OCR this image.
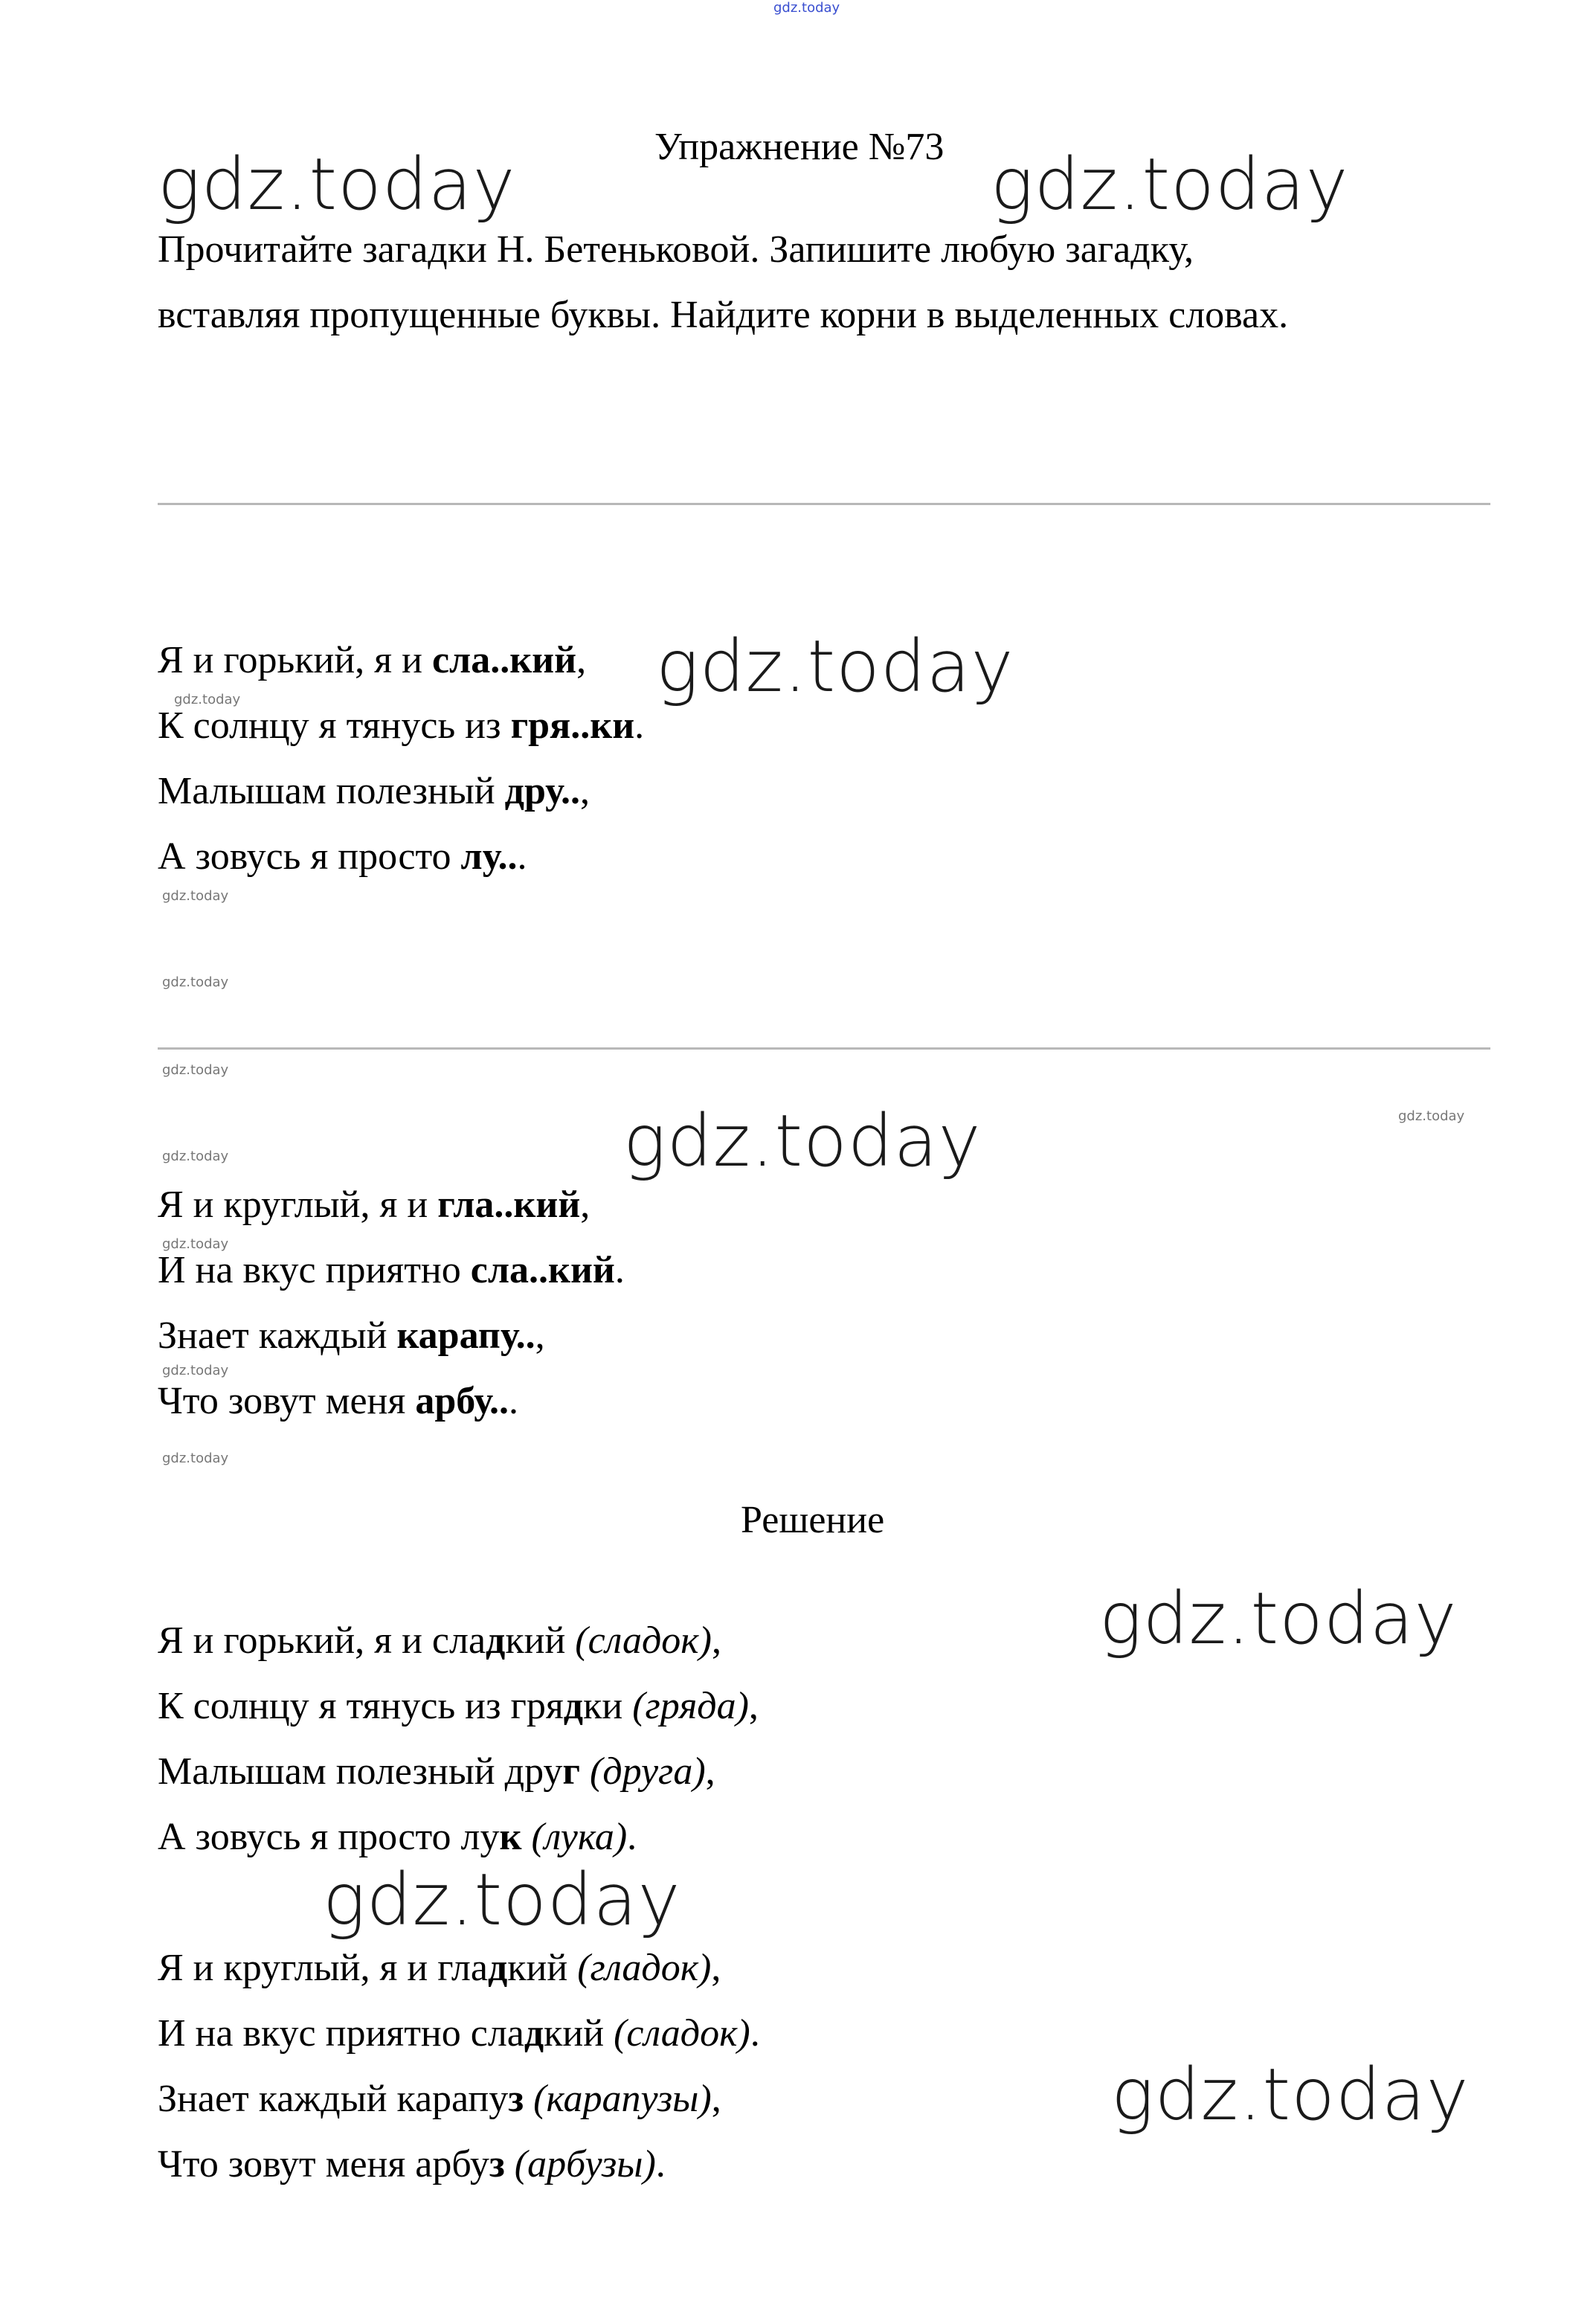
gdz.today
gdz.today	gdz.today
gdz.today
gdz.today
gdz.today
gdz.today
gdz.today
gdz.today
gdz.today
gdz.today
gdz.today
gdz.today
gdz.today
gdz.today
gdz.today
gdz.today
Упражнение №73
Прочитайте загадки Н. Бетеньковой. Запишите любую загадку,
вставляя пропущенные буквы. Найдите корни в выделенных словах.
Я и горький, я и сла..кий,
К солнцу я тянусь из гря..ки.
Малышам полезный дру..,
А зовусь я просто лу...
Я и круглый, я и гла..кий,
И на вкус приятно сла..кий.
Знает каждый карапу..,
Что зовут меня арбу...
Решение
Я и горький, я и сладкий (сладок),
К солнцу я тянусь из грядки (гряда),
Малышам полезный друг (друга),
А зовусь я просто лук (лука).
Я и круглый, я и гладкий (гладок),
И на вкус приятно сладкий (сладок).
Знает каждый карапуз (карапузы),
Что зовут меня арбуз (арбузы).
